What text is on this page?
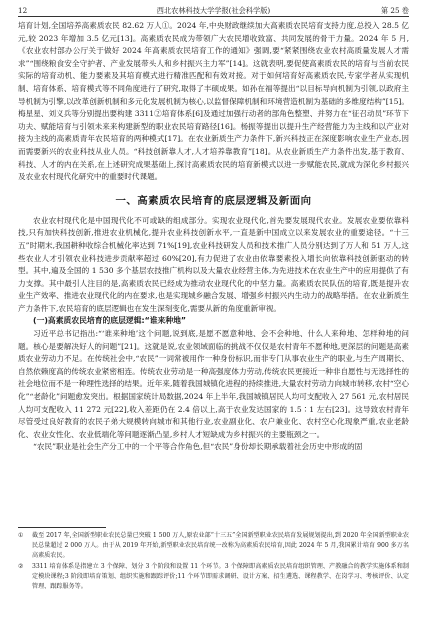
12	西北农林科技大学学报(社会科学版)	第 25 卷

培育计划,全国培养高素质农民 82.62 万人①。2024 年,中央财政继续加大高素质农民培育支持力度,总投入 28.5 亿元,较 2023 年增加 3.5 亿元[13]。高素质农民成为带领广大农民增收致富、共同发展的骨干力量。2024 年 5 月,《农业农村部办公厅关于做好 2024 年高素质农民培育工作的通知》强调,要“紧紧围绕农业农村高质量发展人才需求”“围绕粮食安全守护者、产业发展带头人和乡村振兴主力军”[14]。这就表明,要促使高素质农民的培育与当前农民实际的培育动机、能力要素及其培育模式进行精准匹配和有效对接。对于如何培育好高素质农民,专家学者从实现机制、培育体系、培育模式等不同角度进行了研究,取得了丰硕成果。如孙在福等提出“以目标导向机制为引领,以政府主导机制为引擎,以改革创新机制和多元化发展机制为核心,以监督保障机制和环境营造机制为基础的多维度结构”[15]。梅星星、刘义兵等分别提出要构建 3311②培育体系[6]及通过加强行动者的部角色整塑、并努力在“征召动员”环节下功夫、赋能培育与引领未来来构建新型的职业农民培育路径[16]。杨振等提出以提升生产经营能力为主线和以产业对接为主线的高素质青年农民培育的两种模式[17]。在农业新质生产力条件下,新兴科技正在深度影响农业生产业态,因而需要新兴的农业科技从业人员。“科技创新靠人才,人才培养靠教育”[18]。从农业新质生产力条件出发,基于教育、科技、人才的内在关系,在上述研究成果基础上,探讨高素质农民的培育新模式以进一步赋能农民,就成为深化乡村振兴及农业农村现代化研究中的重要时代课题。

一、高素质农民培育的底层逻辑及新面向

农业农村现代化是中国现代化不可或缺的组成部分。实现农业现代化,首先要发展现代农业。发展农业要依靠科技,只有加快科技创新,推进农业机械化,提升农业科技创新水平,一直是新中国成立以来发展农业的重要途径。“十三五”时期末,我国耕种收综合机械化率达到 71%[19],农业科技研发人员和技术推广人员分别达到了万人和 51 万人,这些农业人才引领农业科技进步贡献率超过 60%[20],有力促进了农业由依靠要素投入增长向依靠科技创新驱动的转型。其中,遍及全国的 1 530 多个基层农技推广机构以及大量农业经营主体,为先进技术在农业生产中的应用提供了有力支撑。其中最引人注目的是,高素质农民已经成为推动农业现代化的中坚力量。高素质农民队伍的培育,既是提升农业生产效率、推进农业现代化的内在要求,也是实现城乡融合发展、增强乡村振兴内生动力的战略举措。在农业新质生产力条件下,农民培育的底层逻辑也在发生深刻变化,需要从新的角度重新审视。

(一)高素质农民培育的底层逻辑:“谁来种地”

习近平总书记指出:“‘谁来种地’这个问题,说到底,是愿不愿意种地、会不会种地、什么人来种地、怎样种地的问题。核心是要解决好人的问题”[21]。这就是说,农业领域面临的挑战不仅仅是农村青年不愿种地,更深层的问题是高素质农业劳动力不足。在传统社会中,“农民”一词常被用作一种身份标识,而非专门从事农业生产的职业,与生产周期长、自然依赖度高的传统农业紧密相连。传统农业劳动是一种高强度体力劳动,传统农民更接近一种非自愿性与无选择性的社会地位而不是一种理性选择的结果。近年来,随着我国城镇化进程的持续推进,大量农村劳动力向城市转移,农村“空心化”“老龄化”问题愈发突出。根据国家统计局数据,2024 年上半年,我国城镇居民人均可支配收入 27 561 元,农村居民人均可支配收入 11 272 元[22],收入差距仍在 2.4 倍以上,高于农业发达国家的 1.5∶1 左右[23]。这导致农村青年尽管受过良好教育的农民子弟大规模转向城市和其他行业,农业副业化、农户兼业化、农村空心化现象严重,农业老龄化、农业女性化、农业低端化等问题逐渐凸显,乡村人才短缺成为乡村振兴的主要瓶颈之一。

“农民”职业是社会生产分工中的一个平等合作角色,但“农民”身份却长期承载着社会历史中形成的固

① 截至 2017 年,全国新型职业农民总量已突破 1 500 万人,原农业部“十三五”全国新型职业农民培育发展规划提出,到 2020 年全国新型职业农民总量超过 2 000 万人。由于从 2019 年开始,新型职业农民培育统一改称为高素质农民培育,因此 2024 年 5 月,我国累计培育 900 多万名高素质农民。

② 3311 培育体系是指建立 3 个保障、划分 3 个阶段和设置 11 个环节。3 个保障即高素质农民培育组织管理、产教融合的教学实施体系和制定模块课程;3 阶段即培育策划、组织实施和跟踪评价;11 个环节即需求调研、设计方案、招生遴选、课程教学、在岗学习、考核评价、认定管理、跟踪服务等。
